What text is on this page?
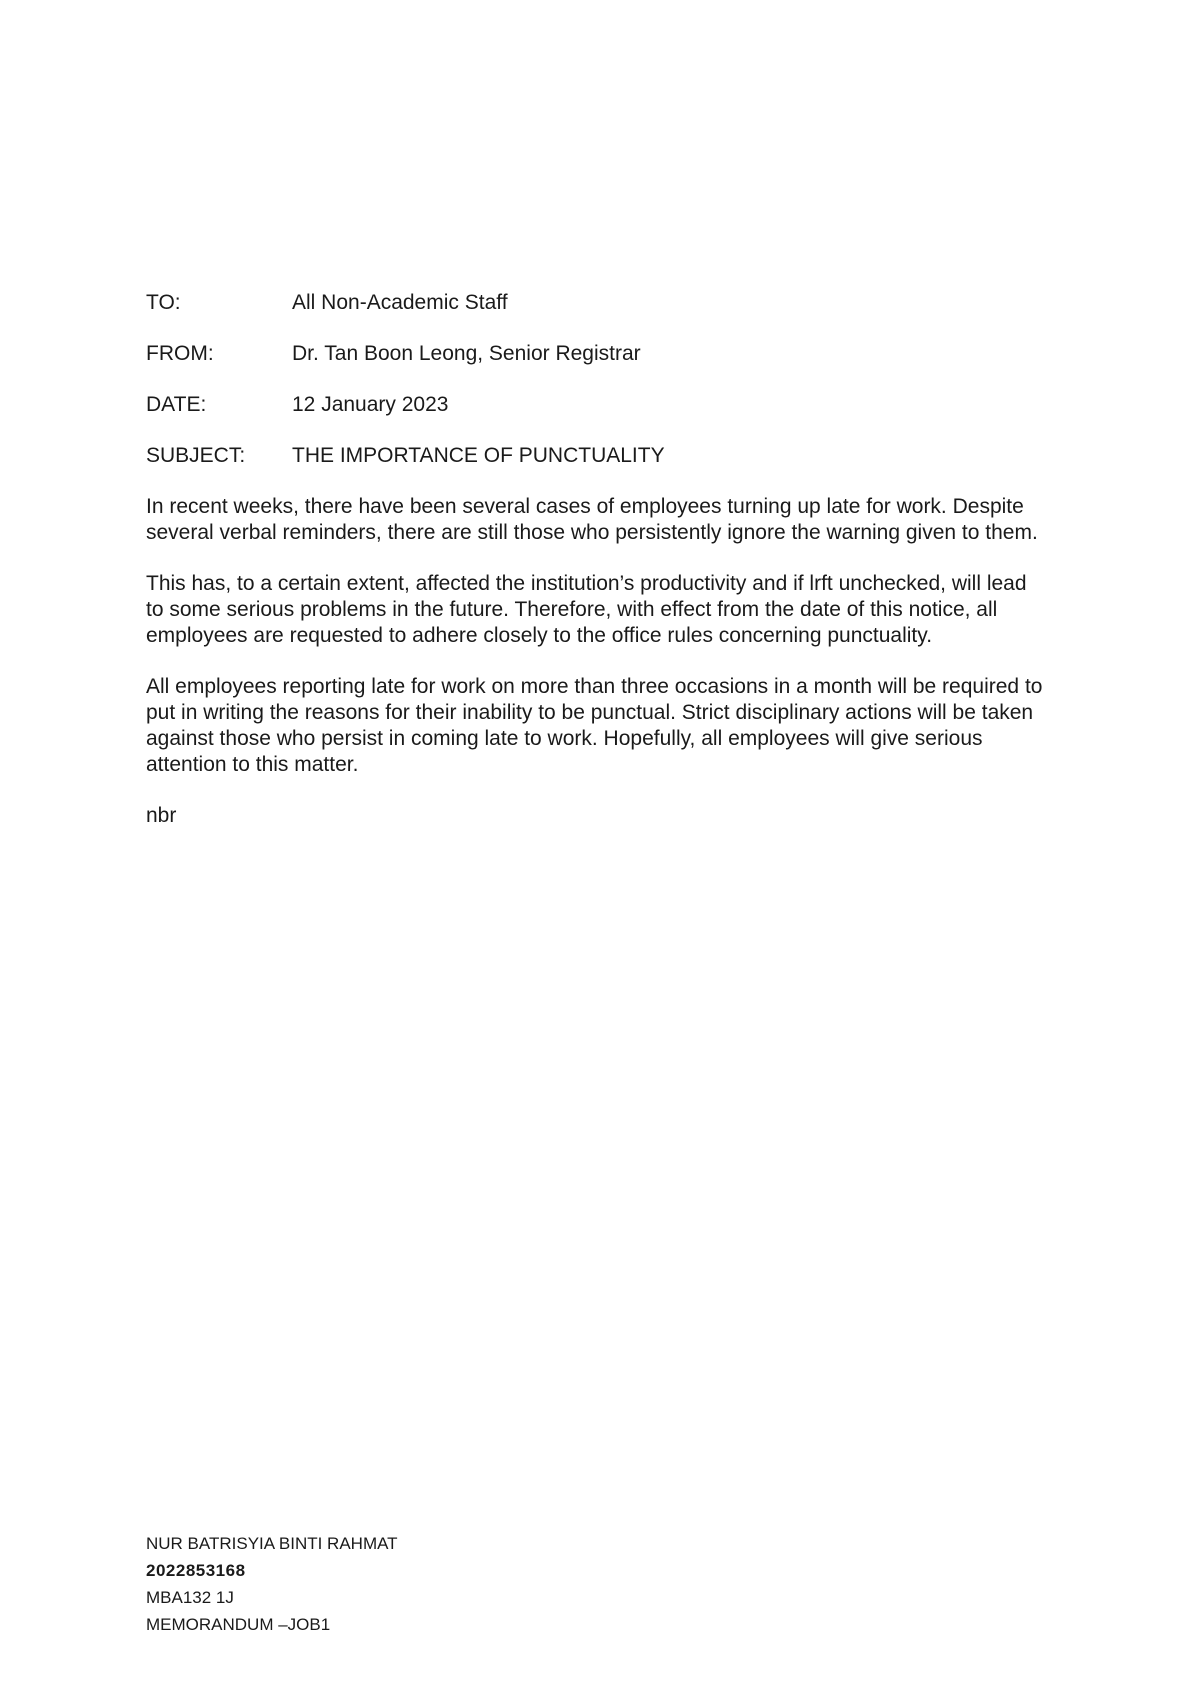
TO:	All Non-Academic Staff
FROM:	Dr. Tan Boon Leong, Senior Registrar
DATE:	12 January 2023
SUBJECT:	THE IMPORTANCE OF PUNCTUALITY

In recent weeks, there have been several cases of employees turning up late for work. Despite several verbal reminders, there are still those who persistently ignore the warning given to them.

This has, to a certain extent, affected the institution’s productivity and if lrft unchecked, will lead to some serious problems in the future. Therefore, with effect from the date of this notice, all employees are requested to adhere closely to the office rules concerning punctuality.

All employees reporting late for work on more than three occasions in a month will be required to put in writing the reasons for their inability to be punctual. Strict disciplinary actions will be taken against those who persist in coming late to work. Hopefully, all employees will give serious attention to this matter.

nbr

NUR BATRISYIA BINTI RAHMAT
2022853168
MBA132 1J
MEMORANDUM –JOB1
